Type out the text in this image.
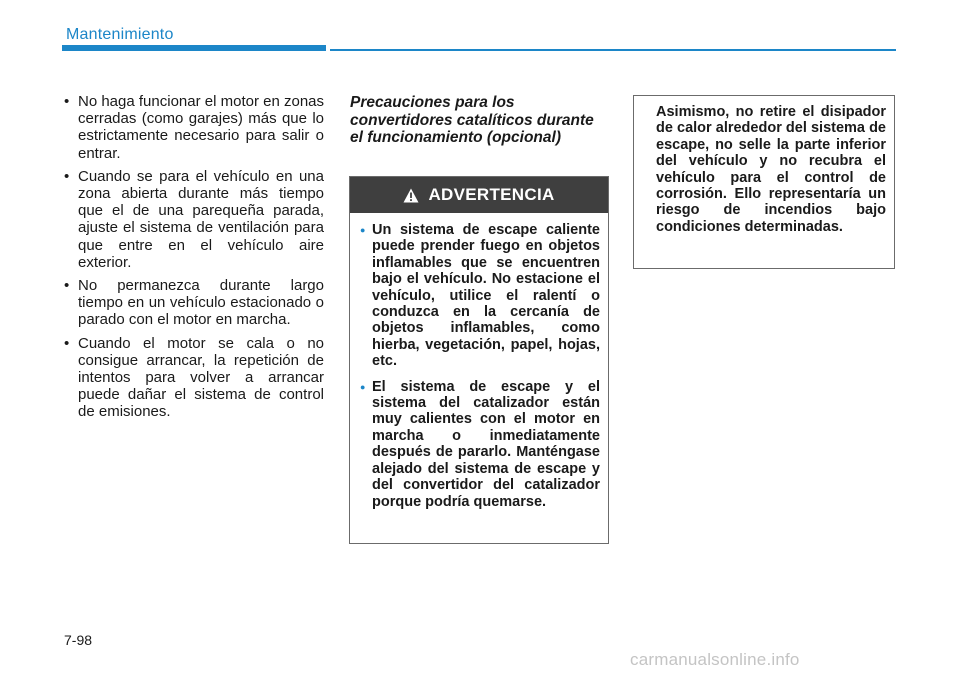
Mantenimiento
• No haga funcionar el motor en zonas cerradas (como garajes) más que lo estrictamente necesario para salir o entrar.
• Cuando se para el vehículo en una zona abierta durante más tiempo que el de una parequeña parada, ajuste el sistema de ventilación para que entre en el vehículo aire exterior.
• No permanezca durante largo tiempo en un vehículo estacionado o parado con el motor en marcha.
• Cuando el motor se cala o no consigue arrancar, la repetición de intentos para volver a arrancar puede dañar el sistema de control de emisiones.
Precauciones para los convertidores catalíticos durante el funcionamiento (opcional)
ADVERTENCIA
● Un sistema de escape caliente puede prender fuego en objetos inflamables que se encuentren bajo el vehículo. No estacione el vehículo, utilice el ralentí o conduzca en la cercanía de objetos inflamables, como hierba, vegetación, papel, hojas, etc.
● El sistema de escape y el sistema del catalizador están muy calientes con el motor en marcha o inmediatamente después de pararlo. Manténgase alejado del sistema de escape y del convertidor del catalizador porque podría quemarse.
Asimismo, no retire el disipador de calor alrededor del sistema de escape, no selle la parte inferior del vehículo y no recubra el vehículo para el control de corrosión. Ello representaría un riesgo de incendios bajo condiciones determinadas.
7-98
carmanualsonline.info
